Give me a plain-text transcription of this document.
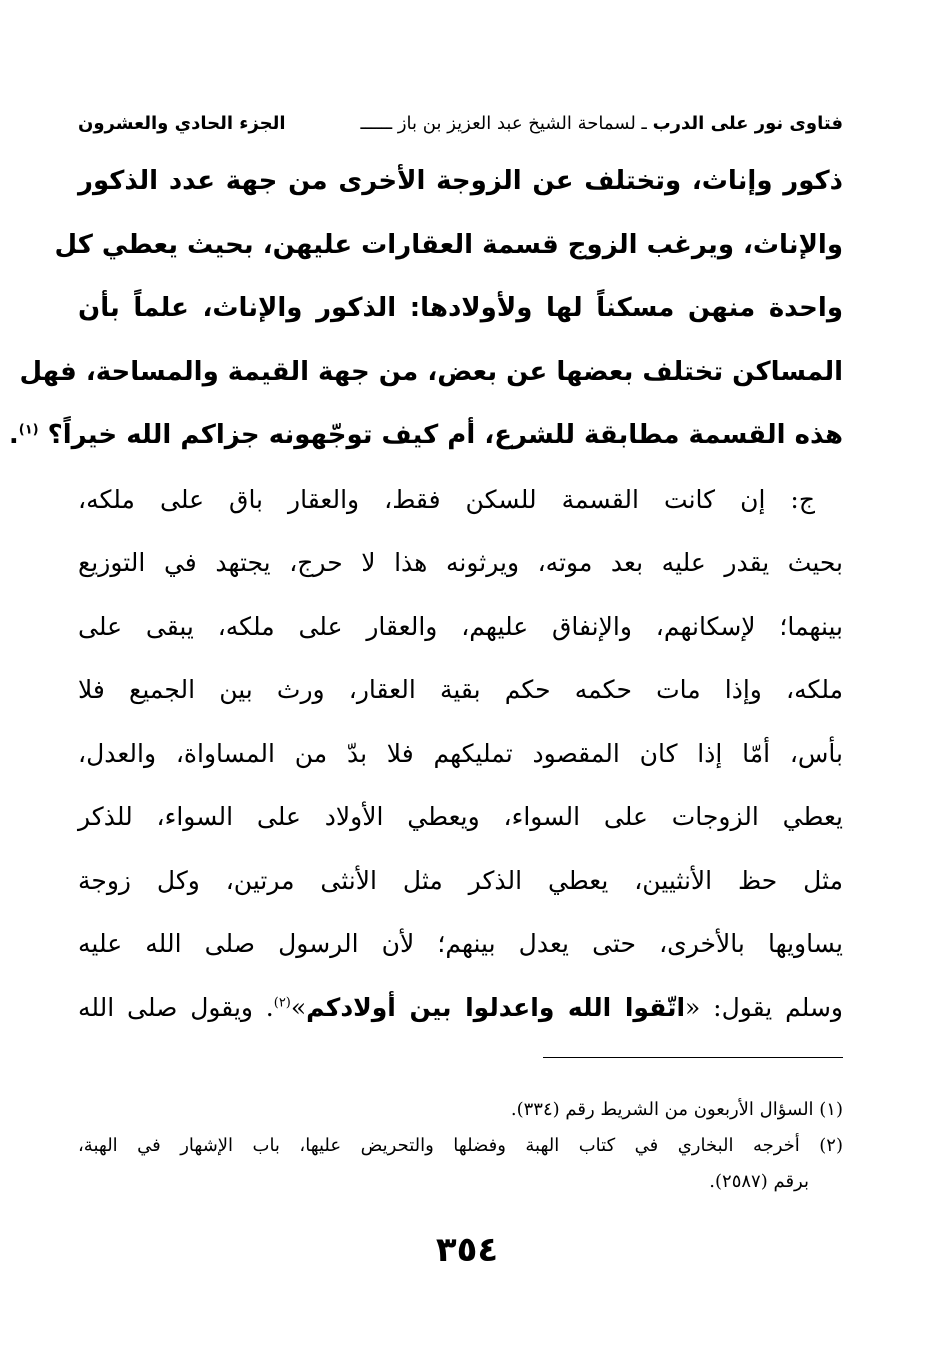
فتاوى نور على الدرب ـ لسماحة الشيخ عبد العزيز بن باز ــــــ
الجزء الحادي والعشرون
ذكور وإناث، وتختلف عن الزوجة الأخرى من جهة عدد الذكور
والإناث، ويرغب الزوج قسمة العقارات عليهن، بحيث يعطي كل
واحدة منهن مسكناً لها ولأولادها: الذكور والإناث، علماً بأن
المساكن تختلف بعضها عن بعض، من جهة القيمة والمساحة، فهل
هذه القسمة مطابقة للشرع، أم كيف توجّهونه جزاكم الله خيراً؟ $^{(١)}$.
ج: إن كانت القسمة للسكن فقط، والعقار باق على ملكه،
بحيث يقدر عليه بعد موته، ويرثونه هذا لا حرج، يجتهد في التوزيع
بينهما؛ لإسكانهم، والإنفاق عليهم، والعقار على ملكه، يبقى على
ملكه، وإذا مات حكمه حكم بقية العقار، ورث بين الجميع فلا
بأس، أمّا إذا كان المقصود تمليكهم فلا بدّ من المساواة، والعدل،
يعطي الزوجات على السواء، ويعطي الأولاد على السواء، للذكر
مثل حظ الأنثيين، يعطي الذكر مثل الأنثى مرتين، وكل زوجة
يساويها بالأخرى، حتى يعدل بينهم؛ لأن الرسول صلى الله عليه
وسلم يقول: «اتّقوا الله واعدلوا بين أولادكم»$^{(٢)}$. ويقول صلى الله
(١) السؤال الأربعون من الشريط رقم (٣٣٤).
(٢) أخرجه البخاري في كتاب الهبة وفضلها والتحريض عليها، باب الإشهار في الهبة،
برقم (٢٥٨٧).
٣٥٤
